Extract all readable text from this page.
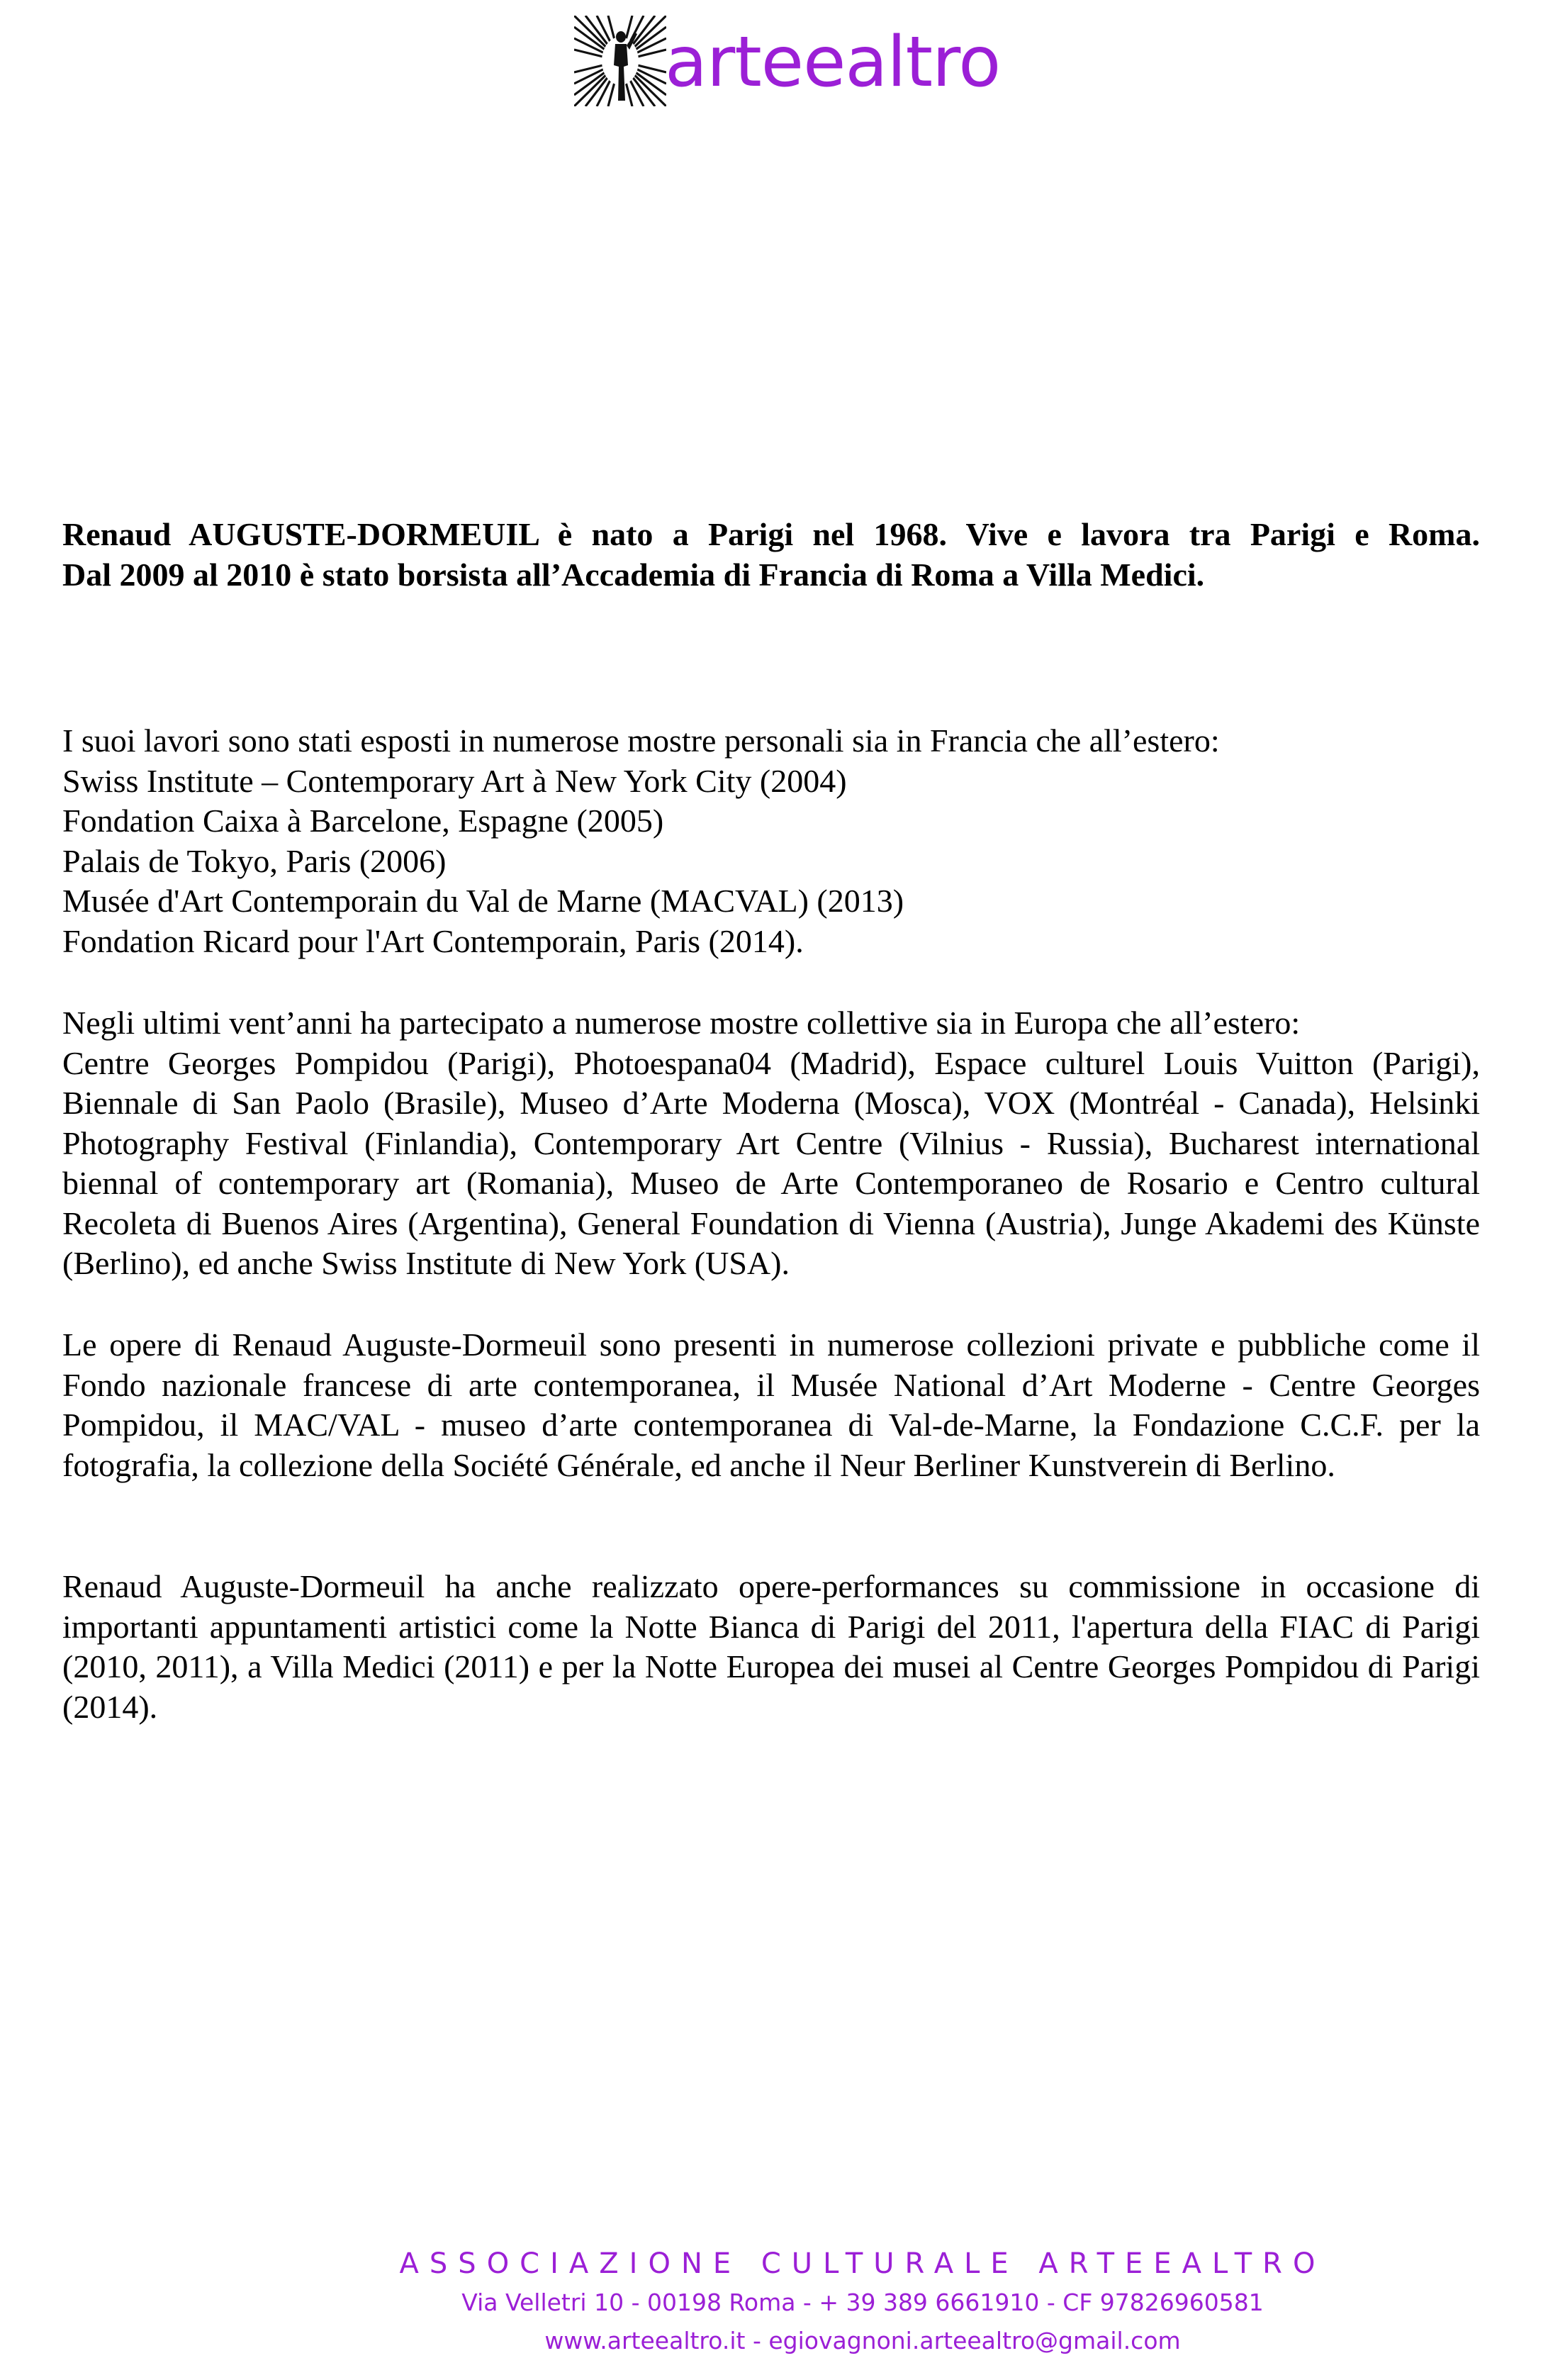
arteealtro
Renaud AUGUSTE-DORMEUIL è nato a Parigi nel 1968. Vive e lavora tra Parigi e Roma.
Dal 2009 al 2010 è stato borsista all’Accademia di Francia di Roma a Villa Medici.
I suoi lavori sono stati esposti in numerose mostre personali sia in Francia che all’estero:
Swiss Institute – Contemporary Art à New York City (2004)
Fondation Caixa à Barcelone, Espagne (2005)
Palais de Tokyo, Paris (2006)
Musée d'Art Contemporain du Val de Marne (MACVAL) (2013)
Fondation Ricard pour l'Art Contemporain, Paris (2014).
Negli ultimi vent’anni ha partecipato a numerose mostre collettive sia in Europa che all’estero:

Centre Georges Pompidou (Parigi), Photoespana04 (Madrid), Espace culturel Louis Vuitton (Parigi), Biennale di San Paolo (Brasile), Museo d’Arte Moderna (Mosca), VOX (Montréal - Canada), Helsinki Photography Festival (Finlandia), Contemporary Art Centre (Vilnius - Russia), Bucharest international biennal of contemporary art (Romania), Museo de Arte Contemporaneo de Rosario e Centro cultural Recoleta di Buenos Aires (Argentina), General Foundation di Vienna (Austria), Junge Akademi des Künste (Berlino), ed anche Swiss Institute di New York (USA).

Le opere di Renaud Auguste-Dormeuil sono presenti in numerose collezioni private e pubbliche come il Fondo nazionale francese di arte contemporanea, il Musée National d’Art Moderne - Centre Georges Pompidou, il MAC/VAL - museo d’arte contemporanea di Val-de-Marne, la Fondazione C.C.F. per la fotografia, la collezione della Société Générale, ed anche il Neur Berliner Kunstverein di Berlino.

Renaud Auguste-Dormeuil ha anche realizzato opere-performances su commissione in occasione di importanti appuntamenti artistici come la Notte Bianca di Parigi del 2011, l'apertura della FIAC di Parigi (2010, 2011), a Villa Medici (2011) e per la Notte Europea dei musei al Centre Georges Pompidou di Parigi (2014).

ASSOCIAZIONE CULTURALE ARTEEALTRO
Via Velletri 10 - 00198 Roma - + 39 389 6661910 - CF 97826960581
www.arteealtro.it - egiovagnoni.arteealtro@gmail.com
